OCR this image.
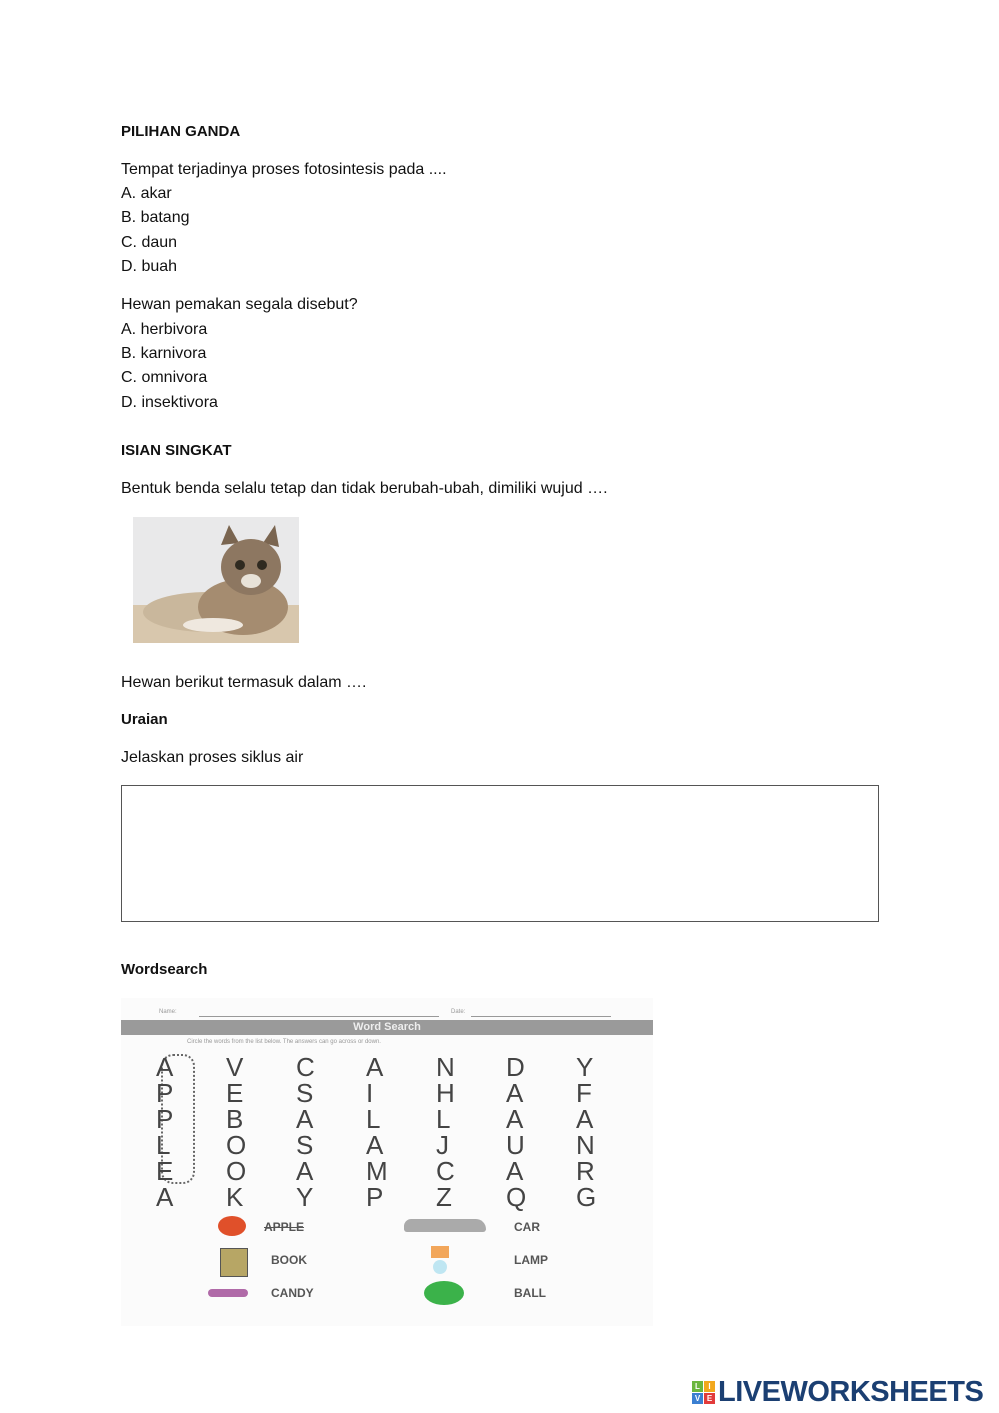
PILIHAN GANDA
Tempat terjadinya proses fotosintesis pada ....
A. akar
B. batang
C. daun
D. buah
Hewan pemakan segala disebut?
A. herbivora
B. karnivora
C. omnivora
D. insektivora
ISIAN SINGKAT
Bentuk benda selalu tetap dan tidak berubah-ubah, dimiliki wujud ….
Hewan berikut termasuk dalam ….
Uraian
Jelaskan proses siklus air
Wordsearch
Name:	Date:
Word Search
Circle the words from the list below. The answers can go across or down.
A	V	C	A	N	D	Y
P	E	S	I	H	A	F
P	B	A	L	L	A	A
L	O	S	A	J	U	N
E	O	A	M	C	A	R
A	K	Y	P	Z	Q	G
APPLE	CAR
BOOK	LAMP
CANDY	BALL
L	I
V E LIVEWORKSHEETS
